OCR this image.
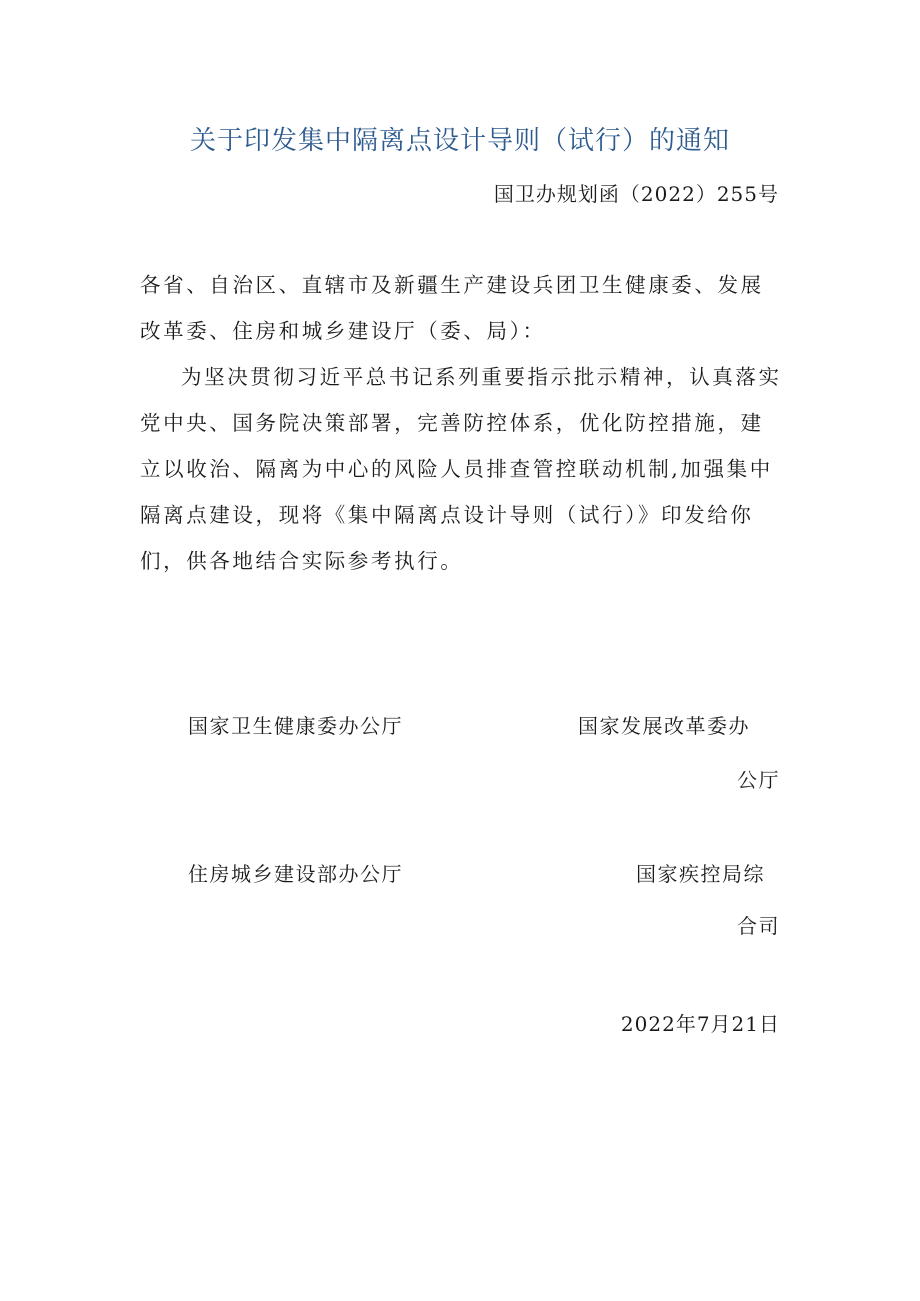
关于印发集中隔离点设计导则（试行）的通知
国卫办规划函（2022）255号

各省、自治区、直辖市及新疆生产建设兵团卫生健康委、发展改革委、住房和城乡建设厅（委、局）：

为坚决贯彻习近平总书记系列重要指示批示精神，认真落实党中央、国务院决策部署，完善防控体系，优化防控措施，建立以收治、隔离为中心的风险人员排查管控联动机制,加强集中隔离点建设，现将《集中隔离点设计导则（试行）》印发给你们，供各地结合实际参考执行。

国家卫生健康委办公厅	国家发展改革委办
公厅
住房城乡建设部办公厅	国家疾控局综
合司
2022年7月21日
